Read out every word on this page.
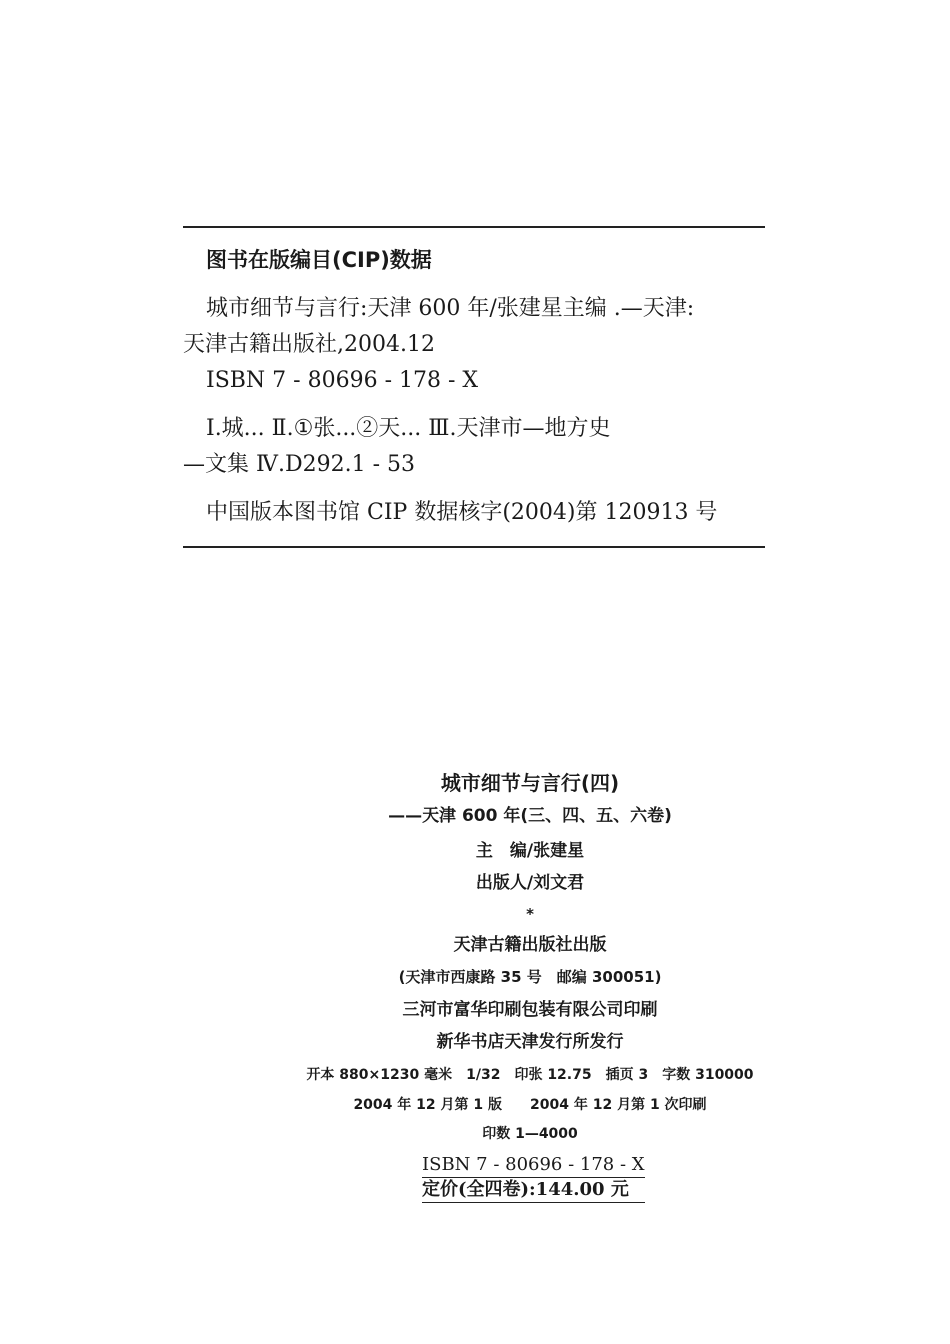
图书在版编目(CIP)数据
城市细节与言行:天津 600 年/张建星主编 .—天津:
天津古籍出版社,2004.12
ISBN 7 - 80696 - 178 - X
Ⅰ.城... Ⅱ.①张...②天... Ⅲ.天津市—地方史
—文集 Ⅳ.D292.1 - 53
中国版本图书馆 CIP 数据核字(2004)第 120913 号
城市细节与言行(四)
——天津 600 年(三、四、五、六卷)
主　编/张建星
出版人/刘文君
*
天津古籍出版社出版
(天津市西康路 35 号　邮编 300051)
三河市富华印刷包装有限公司印刷
新华书店天津发行所发行
开本 880×1230 毫米　1/32　印张 12.75　插页 3　字数 310000
2004 年 12 月第 1 版　　2004 年 12 月第 1 次印刷
印数 1—4000
ISBN 7 - 80696 - 178 - X
定价(全四卷):144.00 元
